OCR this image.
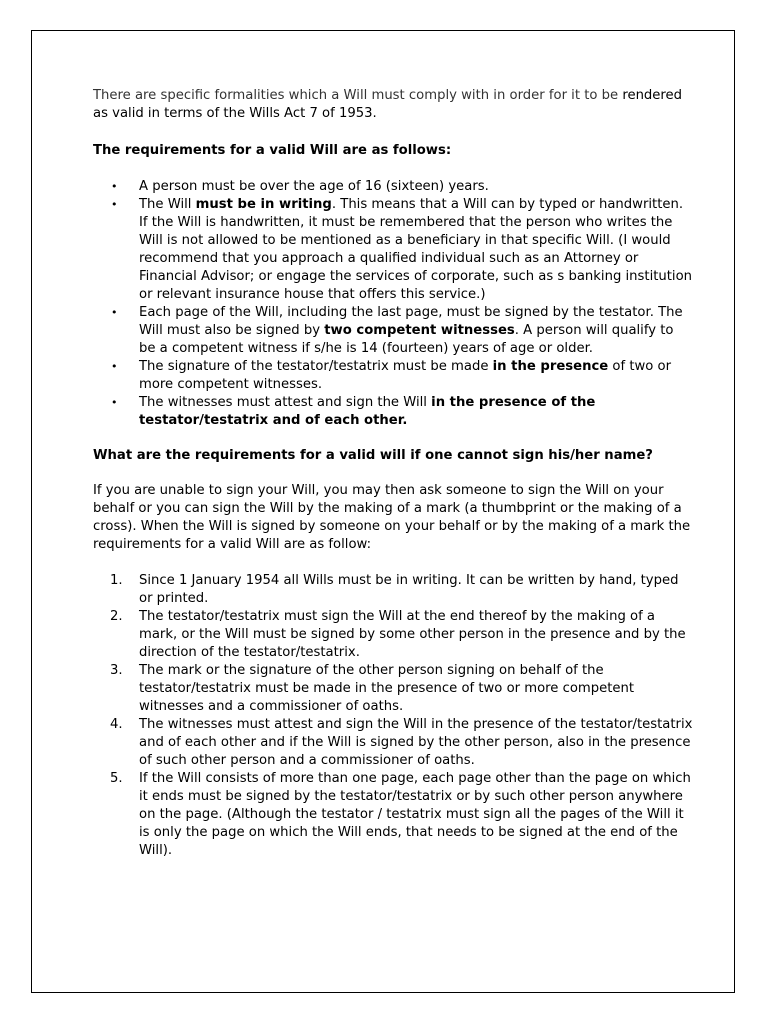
There are specific formalities which a Will must comply with in order for it to be rendered as valid in terms of the Wills Act 7 of 1953.

The requirements for a valid Will are as follows:

• A person must be over the age of 16 (sixteen) years.
• The Will must be in writing. This means that a Will can by typed or handwritten. If the Will is handwritten, it must be remembered that the person who writes the Will is not allowed to be mentioned as a beneficiary in that specific Will. (I would recommend that you approach a qualified individual such as an Attorney or Financial Advisor; or engage the services of corporate, such as s banking institution or relevant insurance house that offers this service.)
• Each page of the Will, including the last page, must be signed by the testator. The Will must also be signed by two competent witnesses. A person will qualify to be a competent witness if s/he is 14 (fourteen) years of age or older.
• The signature of the testator/testatrix must be made in the presence of two or more competent witnesses.
• The witnesses must attest and sign the Will in the presence of the testator/testatrix and of each other.

What are the requirements for a valid will if one cannot sign his/her name?

If you are unable to sign your Will, you may then ask someone to sign the Will on your behalf or you can sign the Will by the making of a mark (a thumbprint or the making of a cross). When the Will is signed by someone on your behalf or by the making of a mark the requirements for a valid Will are as follow:

1. Since 1 January 1954 all Wills must be in writing. It can be written by hand, typed or printed.
2. The testator/testatrix must sign the Will at the end thereof by the making of a mark, or the Will must be signed by some other person in the presence and by the direction of the testator/testatrix.
3. The mark or the signature of the other person signing on behalf of the testator/testatrix must be made in the presence of two or more competent witnesses and a commissioner of oaths.
4. The witnesses must attest and sign the Will in the presence of the testator/testatrix and of each other and if the Will is signed by the other person, also in the presence of such other person and a commissioner of oaths.
5. If the Will consists of more than one page, each page other than the page on which it ends must be signed by the testator/testatrix or by such other person anywhere on the page. (Although the testator / testatrix must sign all the pages of the Will it is only the page on which the Will ends, that needs to be signed at the end of the Will).
